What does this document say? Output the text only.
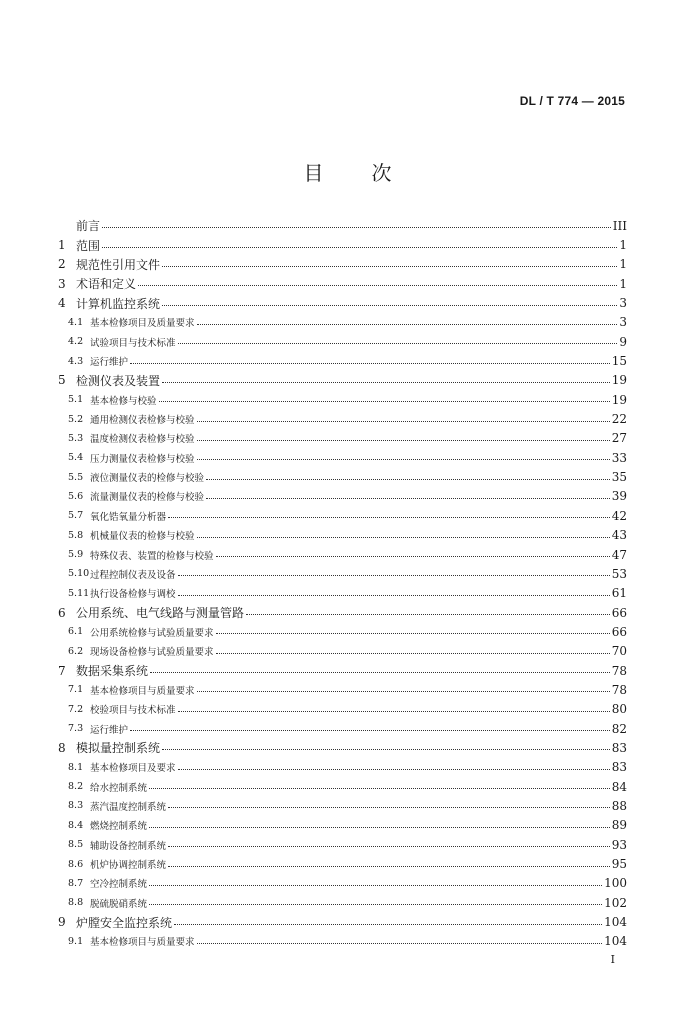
DL / T 774 — 2015
目次
前言	III
1 范围	1
2 规范性引用文件	1
3 术语和定义	1
4 计算机监控系统	3
4.1 基本检修项目及质量要求	3
4.2 试验项目与技术标准	9
4.3 运行维护	15
5 检测仪表及装置	19
5.1 基本检修与校验	19
5.2 通用检测仪表检修与校验	22
5.3 温度检测仪表检修与校验	27
5.4 压力测量仪表检修与校验	33
5.5 液位测量仪表的检修与校验	35
5.6 流量测量仪表的检修与校验	39
5.7 氧化锆氧量分析器	42
5.8 机械量仪表的检修与校验	43
5.9 特殊仪表、装置的检修与校验	47
5.10 过程控制仪表及设备	53
5.11 执行设备检修与调校	61
6 公用系统、电气线路与测量管路	66
6.1 公用系统检修与试验质量要求	66
6.2 现场设备检修与试验质量要求	70
7 数据采集系统	78
7.1 基本检修项目与质量要求	78
7.2 校验项目与技术标准	80
7.3 运行维护	82
8 模拟量控制系统	83
8.1 基本检修项目及要求	83
8.2 给水控制系统	84
8.3 蒸汽温度控制系统	88
8.4 燃烧控制系统	89
8.5 辅助设备控制系统	93
8.6 机炉协调控制系统	95
8.7 空冷控制系统	100
8.8 脱硫脱硝系统	102
9 炉膛安全监控系统	104
9.1 基本检修项目与质量要求	104
I
